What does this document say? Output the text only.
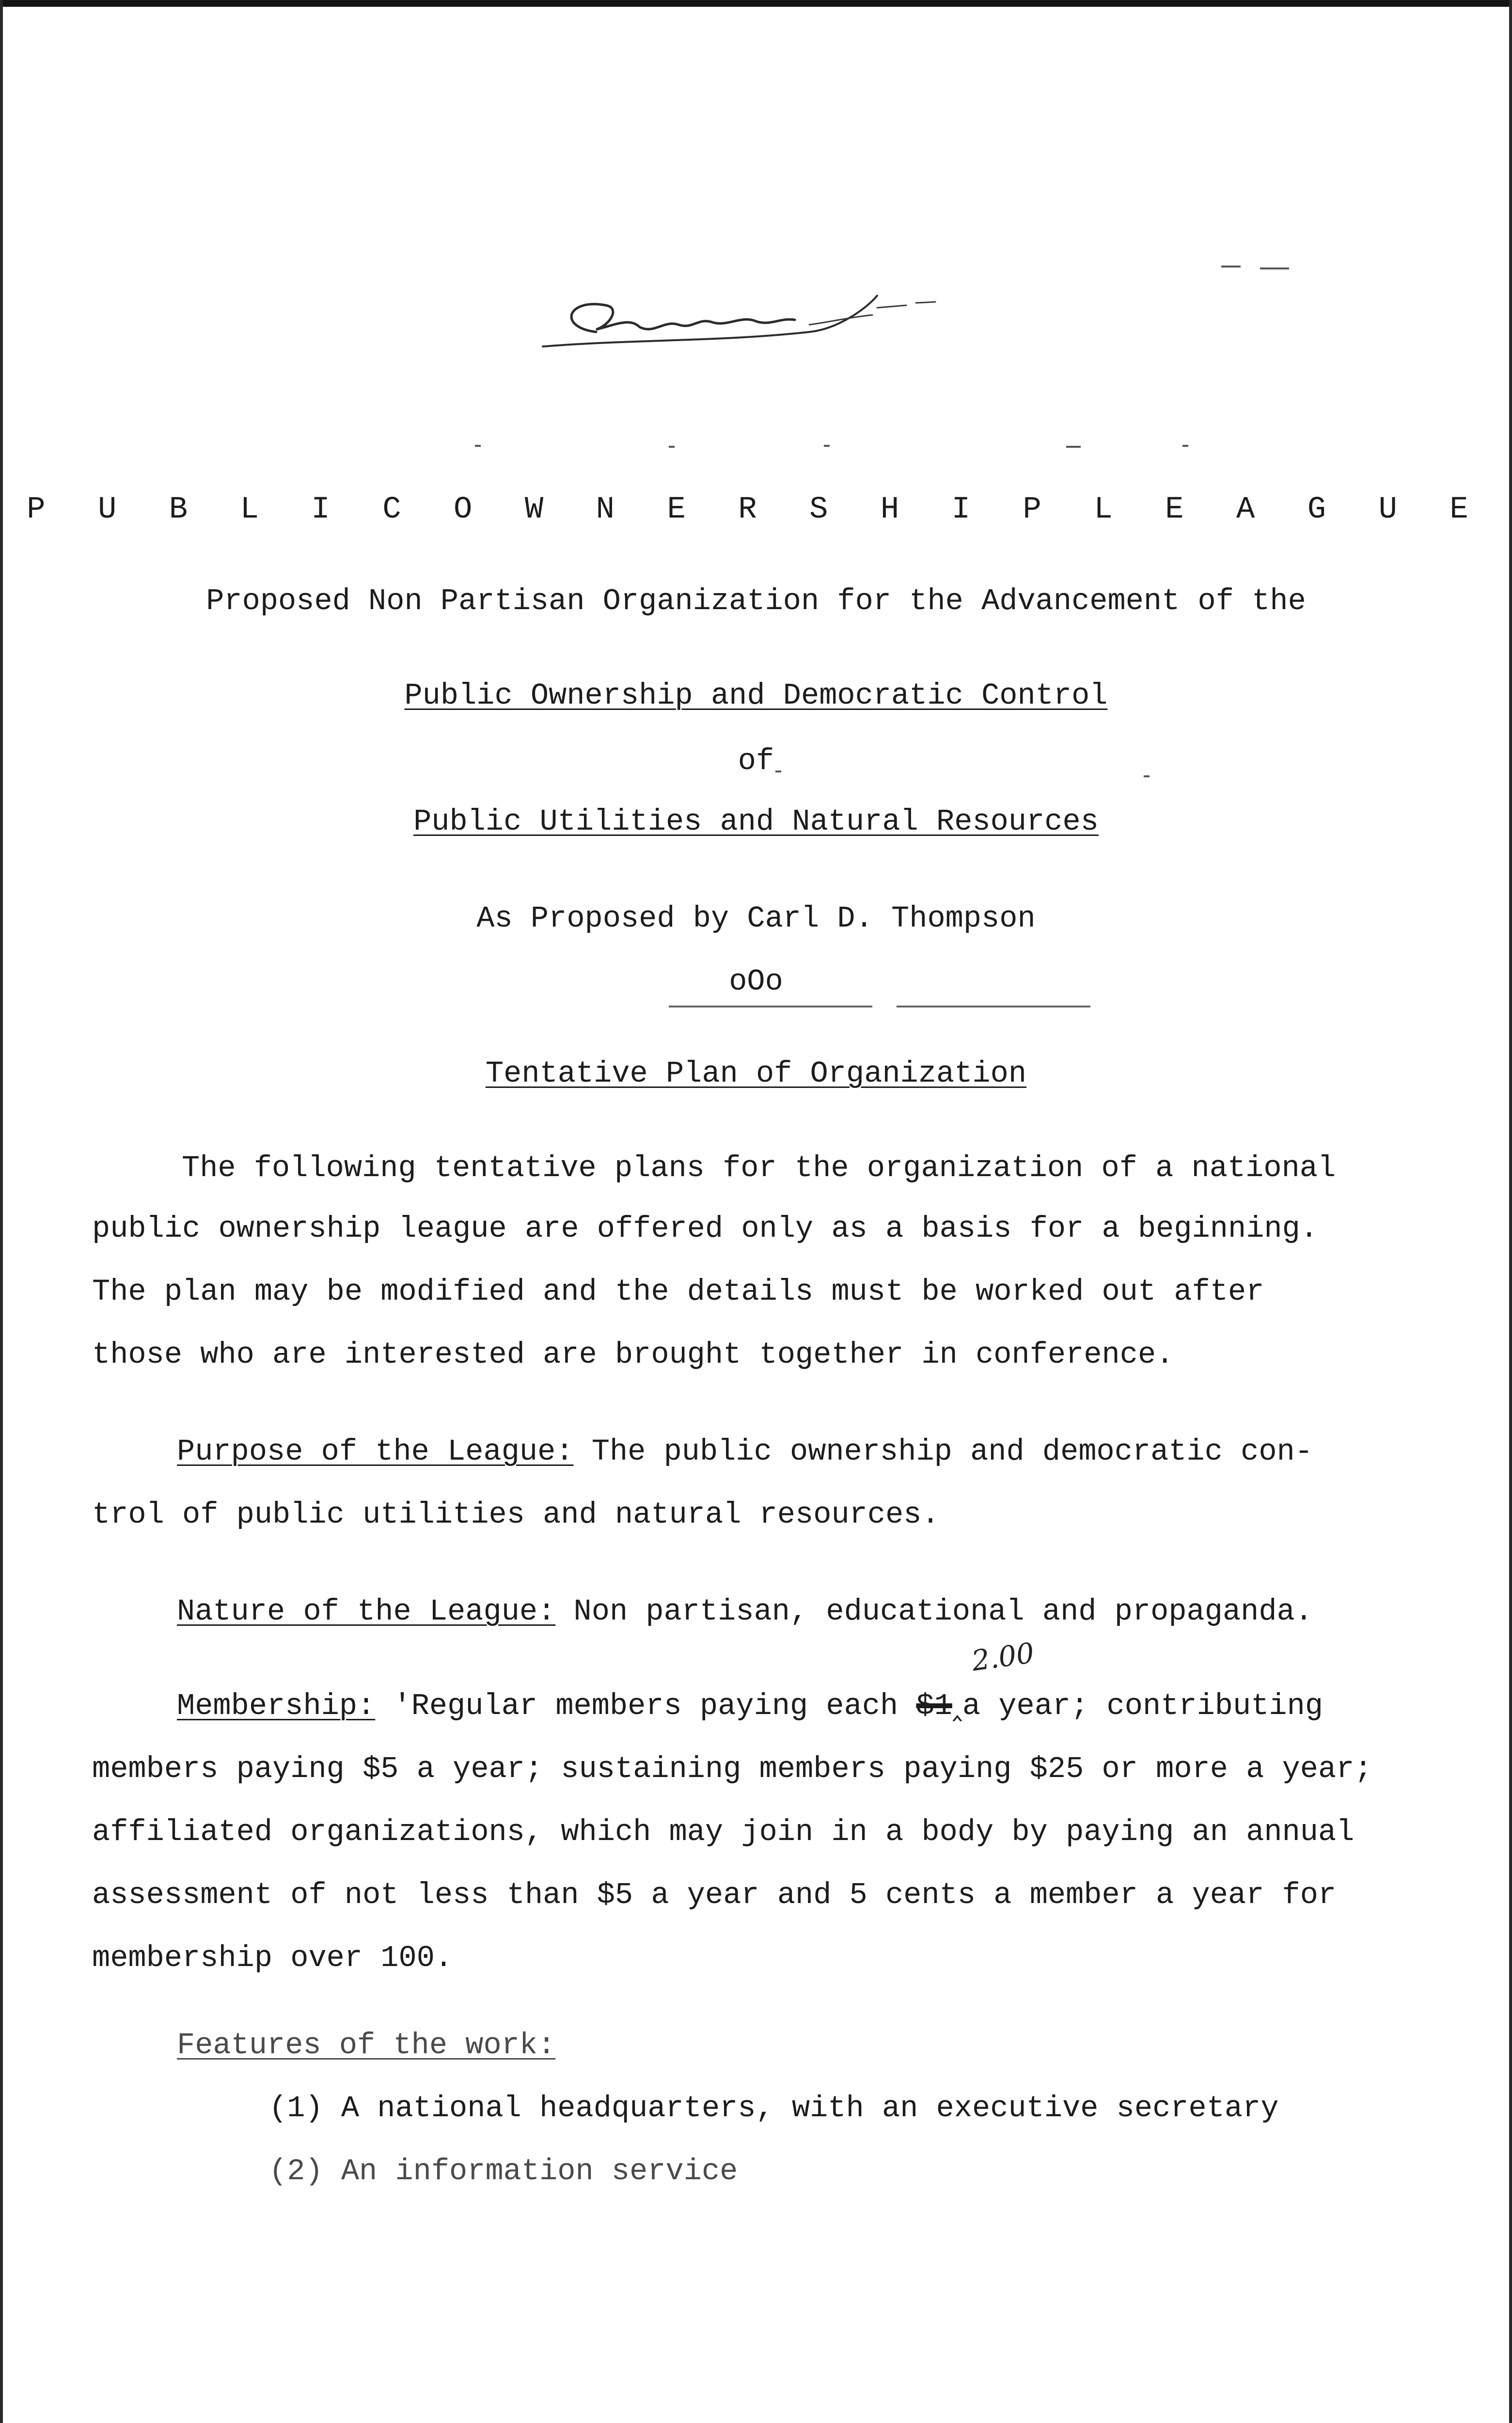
P U B L I C O W N E R S H I P L E A G U E
Proposed Non Partisan Organization for the Advancement of the
Public Ownership and Democratic Control
of
Public Utilities and Natural Resources
As Proposed by Carl D. Thompson
oOo
Tentative Plan of Organization
The following tentative plans for the organization of a national
public ownership league are offered only as a basis for a beginning.
The plan may be modified and the details must be worked out after
those who are interested are brought together in conference.
Purpose of the League: The public ownership and democratic con-
trol of public utilities and natural resources.
Nature of the League: Non partisan, educational and propaganda.
2.00
Membership: 'Regular members paying each $1‸a year; contributing
members paying $5 a year; sustaining members paying $25 or more a year;
affiliated organizations, which may join in a body by paying an annual
assessment of not less than $5 a year and 5 cents a member a year for
membership over 100.
Features of the work:
(1) A national headquarters, with an executive secretary
(2) An information service
